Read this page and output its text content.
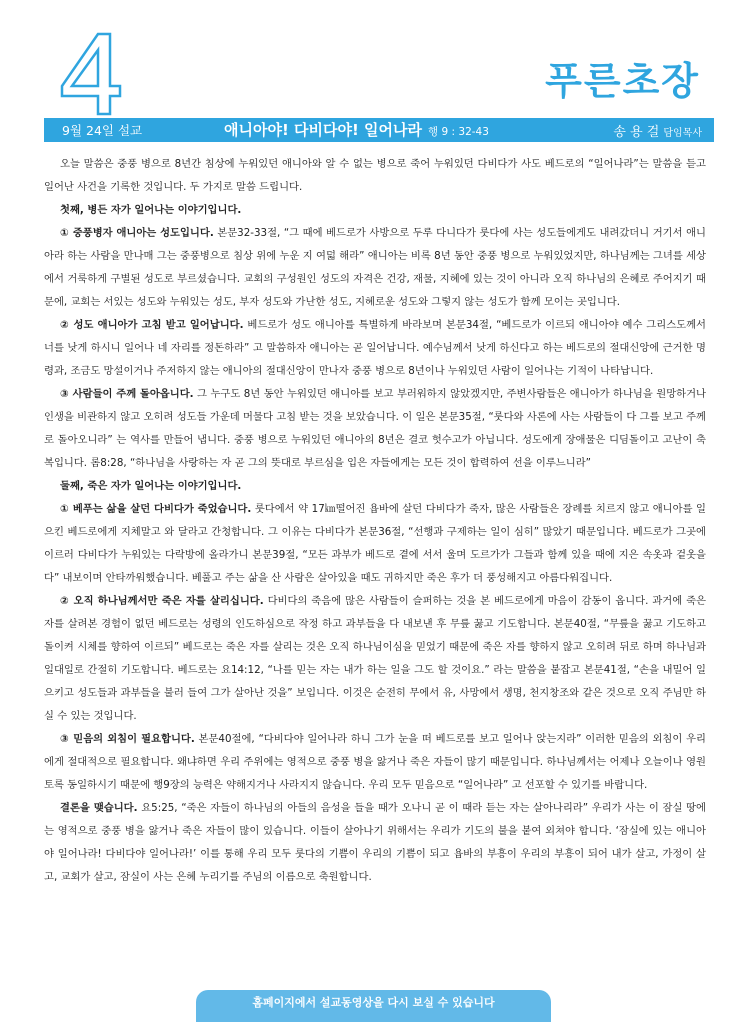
푸른초장
9월 24일 설교	애니아야! 다비다야! 일어나라 행 9 : 32-43	송 용 걸 담임목사

오늘 말씀은 중풍 병으로 8년간 침상에 누워있던 애니아와 알 수 없는 병으로 죽어 누워있던 다비다가 사도 베드로의 “일어나라”는 말씀을 듣고 일어난 사건을 기록한 것입니다. 두 가지로 말씀 드립니다.

첫째, 병든 자가 일어나는 이야기입니다.

① 중풍병자 애니아는 성도입니다. 본문32-33절, “그 때에 베드로가 사방으로 두루 다니다가 룻다에 사는 성도들에게도 내려갔더니 거기서 애니아라 하는 사람을 만나매 그는 중풍병으로 침상 위에 누운 지 여덟 해라” 애니아는 비록 8년 동안 중풍 병으로 누워있었지만, 하나님께는 그녀를 세상에서 거룩하게 구별된 성도로 부르셨습니다. 교회의 구성원인 성도의 자격은 건강, 재물, 지혜에 있는 것이 아니라 오직 하나님의 은혜로 주어지기 때문에, 교회는 서있는 성도와 누워있는 성도, 부자 성도와 가난한 성도, 지혜로운 성도와 그렇지 않는 성도가 함께 모이는 곳입니다.

② 성도 애니아가 고침 받고 일어납니다. 베드로가 성도 애니아를 특별하게 바라보며 본문34절, “베드로가 이르되 애니아야 예수 그리스도께서 너를 낫게 하시니 일어나 네 자리를 정돈하라” 고 말씀하자 애니아는 곧 일어납니다. 예수님께서 낫게 하신다고 하는 베드로의 절대신앙에 근거한 명령과, 조금도 망설이거나 주저하지 않는 애니아의 절대신앙이 만나자 중풍 병으로 8년이나 누워있던 사람이 일어나는 기적이 나타납니다.

③ 사람들이 주께 돌아옵니다. 그 누구도 8년 동안 누워있던 애니아를 보고 부러워하지 않았겠지만, 주변사람들은 애니아가 하나님을 원망하거나 인생을 비관하지 않고 오히려 성도들 가운데 머물다 고침 받는 것을 보았습니다. 이 일은 본문35절, “룻다와 사론에 사는 사람들이 다 그를 보고 주께로 돌아오니라” 는 역사를 만들어 냅니다. 중풍 병으로 누워있던 애니아의 8년은 결코 헛수고가 아닙니다. 성도에게 장애물은 디딤돌이고 고난이 축복입니다. 롬8:28, “하나님을 사랑하는 자 곧 그의 뜻대로 부르심을 입은 자들에게는 모든 것이 합력하여 선을 이루느니라”

둘째, 죽은 자가 일어나는 이야기입니다.

① 베푸는 삶을 살던 다비다가 죽었습니다. 룻다에서 약 17㎞떨어진 욥바에 살던 다비다가 죽자, 많은 사람들은 장례를 치르지 않고 애니아를 일으킨 베드로에게 지체말고 와 달라고 간청합니다. 그 이유는 다비다가 본문36절, “선행과 구제하는 일이 심히” 많았기 때문입니다. 베드로가 그곳에 이르러 다비다가 누워있는 다락방에 올라가니 본문39절, “모든 과부가 베드로 곁에 서서 울며 도르가가 그들과 함께 있을 때에 지은 속옷과 겉옷을 다” 내보이며 안타까워했습니다. 베풀고 주는 삶을 산 사람은 살아있을 때도 귀하지만 죽은 후가 더 풍성해지고 아름다워집니다.

② 오직 하나님께서만 죽은 자를 살리십니다. 다비다의 죽음에 많은 사람들이 슬퍼하는 것을 본 베드로에게 마음이 감동이 옵니다. 과거에 죽은 자를 살려본 경험이 없던 베드로는 성령의 인도하심으로 작정 하고 과부들을 다 내보낸 후 무릎 꿇고 기도합니다. 본문40절, “무릎을 꿇고 기도하고 돌이켜 시체를 향하여 이르되” 베드로는 죽은 자를 살리는 것은 오직 하나님이심을 믿었기 때문에 죽은 자를 향하지 않고 오히려 뒤로 하며 하나님과 일대일로 간절히 기도합니다. 베드로는 요14:12, “나를 믿는 자는 내가 하는 일을 그도 할 것이요.” 라는 말씀을 붙잡고 본문41절, “손을 내밀어 일으키고 성도들과 과부들을 불러 들여 그가 살아난 것을” 보입니다. 이것은 순전히 무에서 유, 사망에서 생명, 천지창조와 같은 것으로 오직 주님만 하실 수 있는 것입니다.

③ 믿음의 외침이 필요합니다. 본문40절에, “다비다야 일어나라 하니 그가 눈을 떠 베드로를 보고 일어나 앉는지라” 이러한 믿음의 외침이 우리에게 절대적으로 필요합니다. 왜냐하면 우리 주위에는 영적으로 중풍 병을 앓거나 죽은 자들이 많기 때문입니다. 하나님께서는 어제나 오늘이나 영원토록 동일하시기 때문에 행9장의 능력은 약해지거나 사라지지 않습니다. 우리 모두 믿음으로 “일어나라” 고 선포할 수 있기를 바랍니다.

결론을 맺습니다. 요5:25, “죽은 자들이 하나님의 아들의 음성을 들을 때가 오나니 곧 이 때라 듣는 자는 살아나리라” 우리가 사는 이 잠실 땅에는 영적으로 중풍 병을 앓거나 죽은 자들이 많이 있습니다. 이들이 살아나기 위해서는 우리가 기도의 불을 붙여 외쳐야 합니다. ‘잠실에 있는 애니아야 일어나라! 다비다야 일어나라!’ 이를 통해 우리 모두 룻다의 기쁨이 우리의 기쁨이 되고 욥바의 부흥이 우리의 부흥이 되어 내가 살고, 가정이 살고, 교회가 살고, 잠실이 사는 은혜 누리기를 주님의 이름으로 축원합니다.

홈페이지에서 설교동영상을 다시 보실 수 있습니다
